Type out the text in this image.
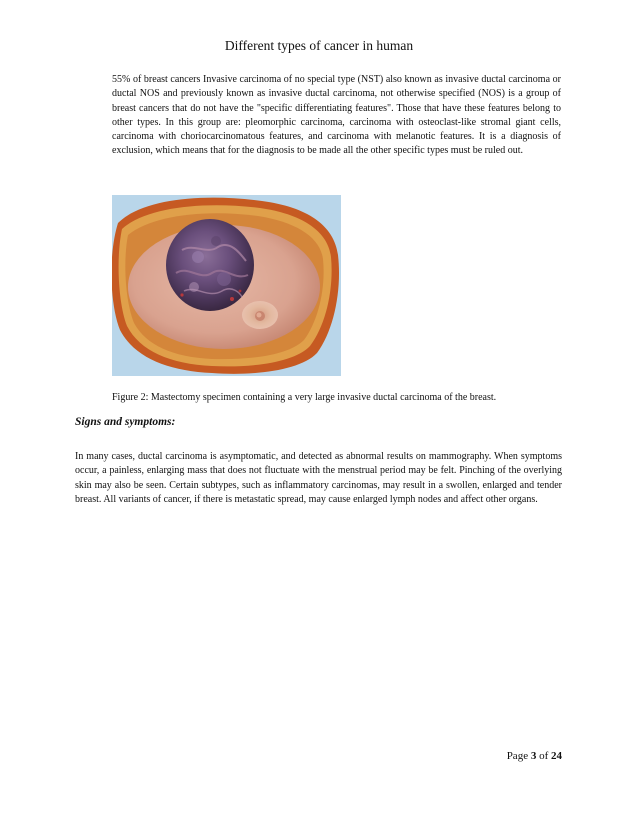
Different types of cancer in human

55% of breast cancers Invasive carcinoma of no special type (NST) also known as invasive ductal carcinoma or ductal NOS and previously known as invasive ductal carcinoma, not otherwise specified (NOS) is a group of breast cancers that do not have the "specific differentiating features". Those that have these features belong to other types. In this group are: pleomorphic carcinoma, carcinoma with osteoclast-like stromal giant cells, carcinoma with choriocarcinomatous features, and carcinoma with melanotic features. It is a diagnosis of exclusion, which means that for the diagnosis to be made all the other specific types must be ruled out.

Figure 2: Mastectomy specimen containing a very large invasive ductal carcinoma of the breast.

Signs and symptoms:

In many cases, ductal carcinoma is asymptomatic, and detected as abnormal results on mammography. When symptoms occur, a painless, enlarging mass that does not fluctuate with the menstrual period may be felt. Pinching of the overlying skin may also be seen. Certain subtypes, such as inflammatory carcinomas, may result in a swollen, enlarged and tender breast. All variants of cancer, if there is metastatic spread, may cause enlarged lymph nodes and affect other organs.

Page 3 of 24
